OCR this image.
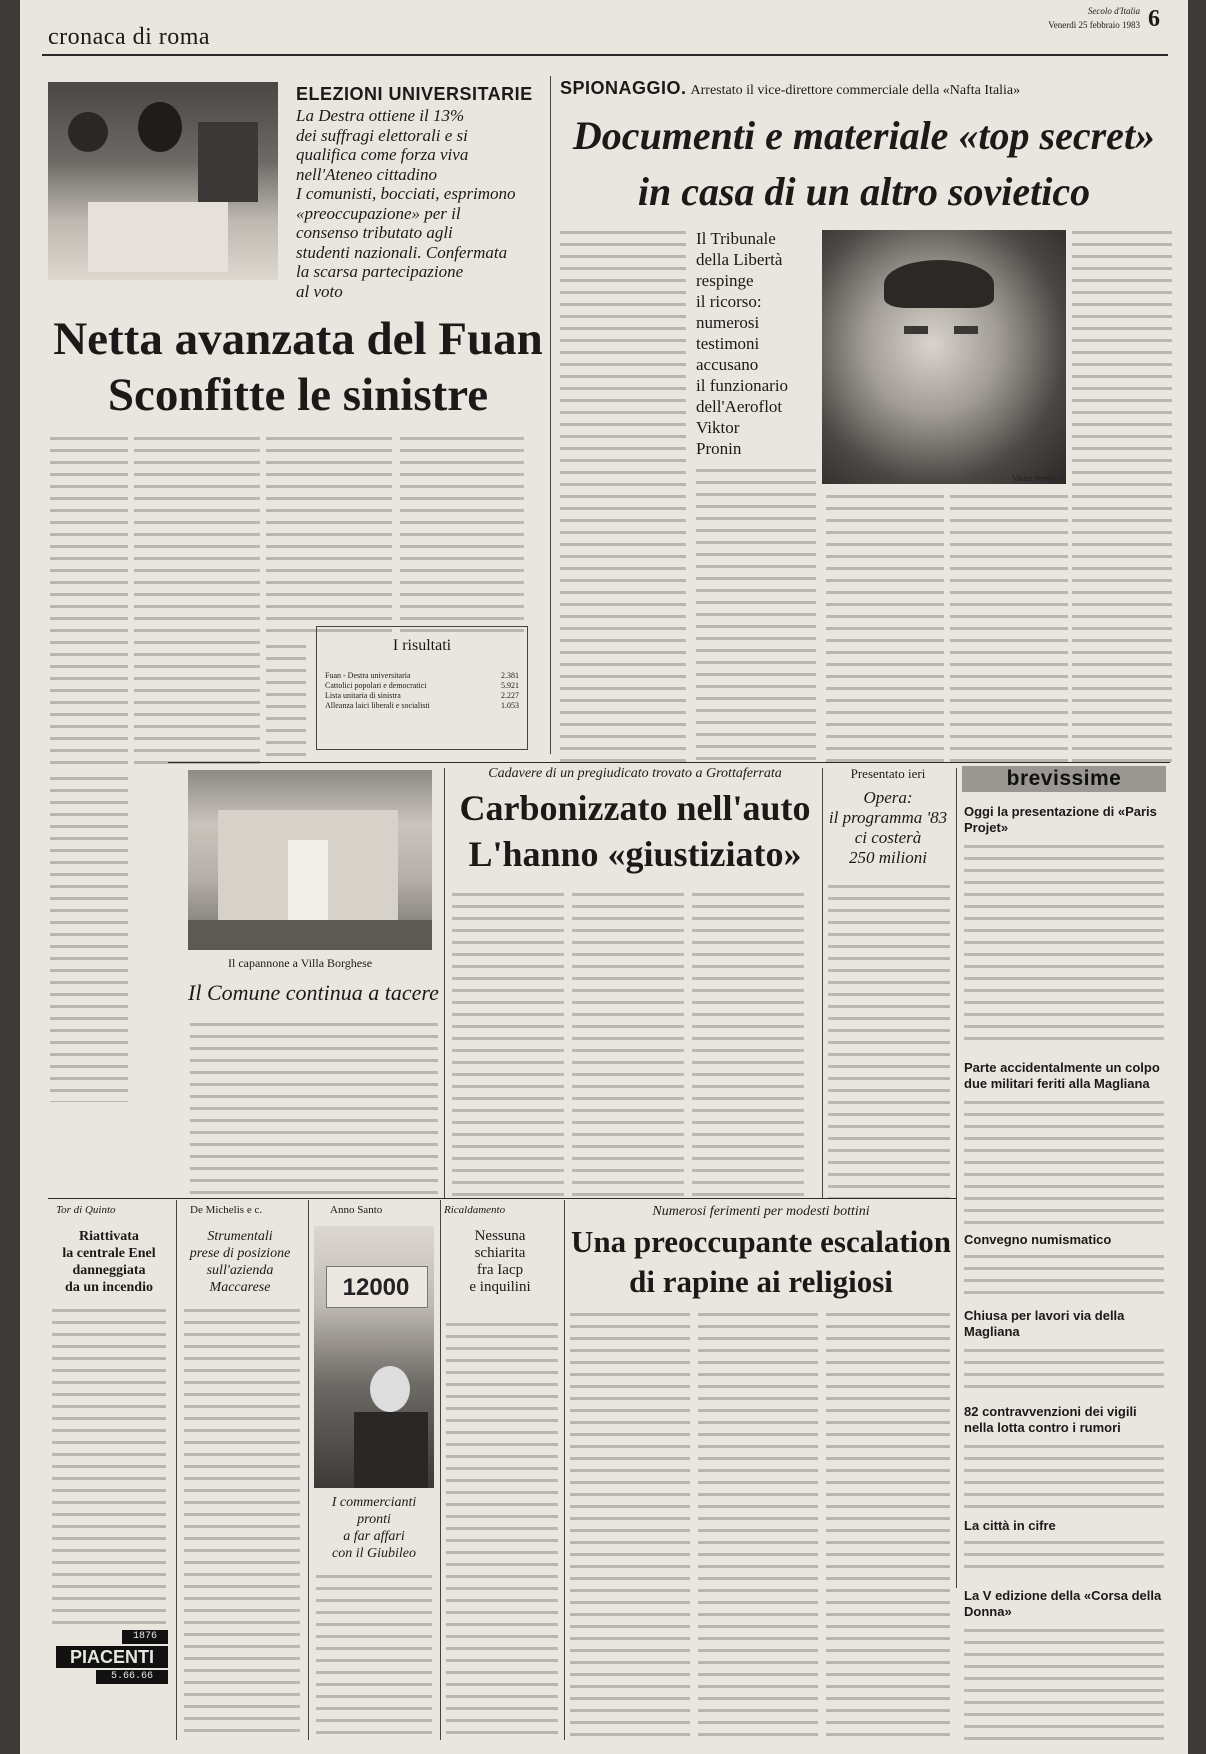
cronaca di roma
Secolo d'Italia
Venerdì 25 febbraio 1983 6
ELEZIONI UNIVERSITARIE
La Destra ottiene il 13%
dei suffragi elettorali e si
qualifica come forza viva
nell'Ateneo cittadino
I comunisti, bocciati, esprimono
«preoccupazione» per il
consenso tributato agli
studenti nazionali. Confermata
la scarsa partecipazione
al voto
Netta avanzata del Fuan
Sconfitte le sinistre
I risultati
Fuan - Destra universitaria	2.381
Cattolici popolari e democratici	5.921
Lista unitaria di sinistra	2.227
Alleanza laici liberali e socialisti	1.053
SPIONAGGIO. Arrestato il vice-direttore commerciale della «Nafta Italia»
Documenti e materiale «top secret»
in casa di un altro sovietico
Il Tribunale
della Libertà
respinge
il ricorso:
numerosi
testimoni
accusano
il funzionario
dell'Aeroflot
Viktor
Pronin
Viktor Pronin
Il capannone a Villa Borghese
Il Comune continua a tacere
Cadavere di un pregiudicato trovato a Grottaferrata
Carbonizzato nell'auto
L'hanno «giustiziato»
Presentato ieri
Opera:
il programma '83
ci costerà
250 milioni
brevissime
Oggi la presentazione di «Paris Projet»
Parte accidentalmente un colpo due militari feriti alla Magliana
Convegno numismatico
Chiusa per lavori via della Magliana
82 contravvenzioni dei vigili nella lotta contro i rumori
La città in cifre
La V edizione della «Corsa della Donna»
Tor di Quinto
Riattivata
la centrale Enel
danneggiata
da un incendio
1876
PIACENTI
5.66.66
De Michelis e c.
Strumentali
prese di posizione
sull'azienda
Maccarese
Anno Santo
12000
I commercianti
pronti
a far affari
con il Giubileo
Ricaldamento
Nessuna
schiarita
fra Iacp
e inquilini
Numerosi ferimenti per modesti bottini
Una preoccupante escalation
di rapine ai religiosi
